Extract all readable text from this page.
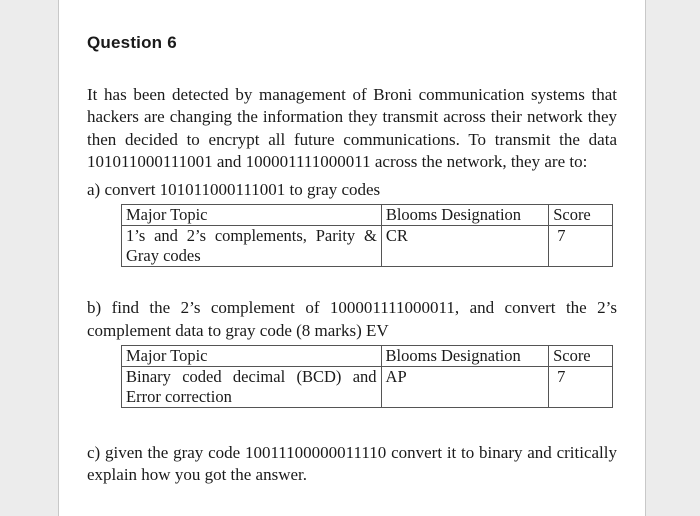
Question 6
It has been detected by management of Broni communication systems that hackers are changing the information they transmit across their network they then decided to encrypt all future communications. To transmit the data 101011000111001 and 100001111000011 across the network, they are to:
a) convert 101011000111001 to gray codes
Major Topic	Blooms Designation	Score

1’s and 2’s complements, Parity &
Gray codes	CR	7
b) find the 2’s complement of 100001111000011, and convert the 2’s complement data to gray code (8 marks) EV
Major Topic	Blooms Designation	Score

Binary coded decimal (BCD) and
Error correction	AP	7
c) given the gray code 10011100000011110 convert it to binary and critically explain how you got the answer.
